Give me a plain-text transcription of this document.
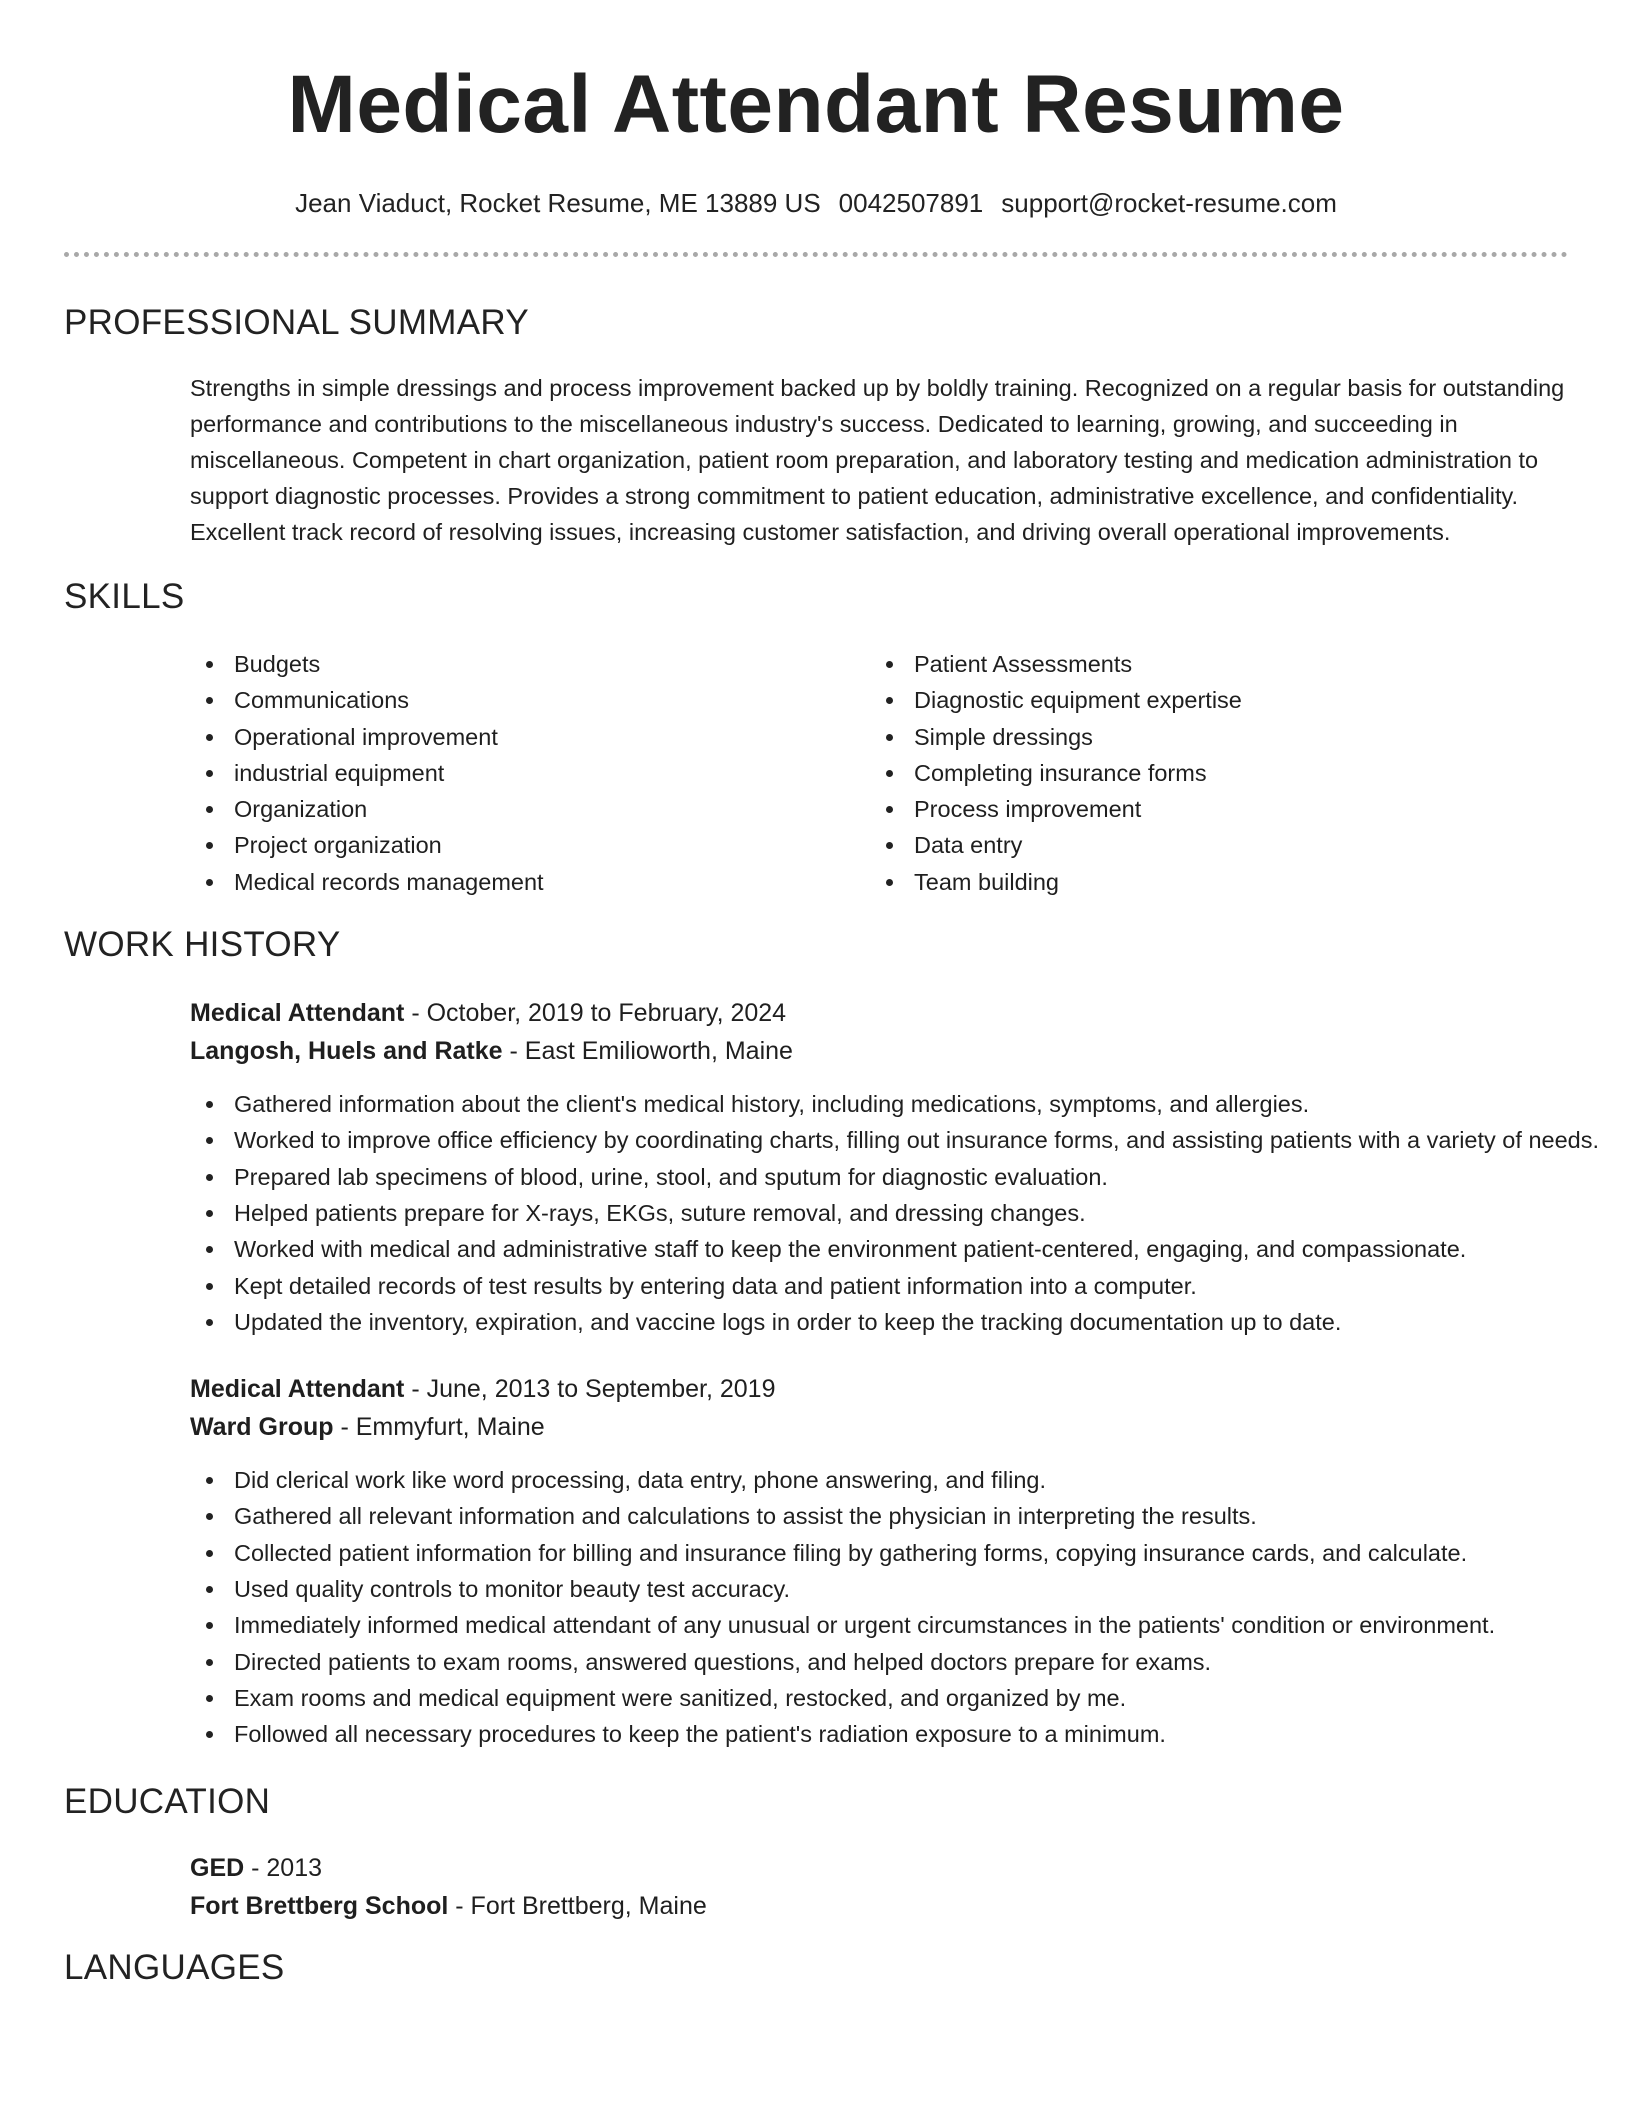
Medical Attendant Resume
Jean Viaduct, Rocket Resume, ME 13889 US 0042507891 support@rocket-resume.com
PROFESSIONAL SUMMARY
Strengths in simple dressings and process improvement backed up by boldly training. Recognized on a regular basis for outstanding performance and contributions to the miscellaneous industry's success. Dedicated to learning, growing, and succeeding in miscellaneous. Competent in chart organization, patient room preparation, and laboratory testing and medication administration to support diagnostic processes. Provides a strong commitment to patient education, administrative excellence, and confidentiality. Excellent track record of resolving issues, increasing customer satisfaction, and driving overall operational improvements.
SKILLS
Budgets
Communications
Operational improvement
industrial equipment
Organization
Project organization
Medical records management
Patient Assessments
Diagnostic equipment expertise
Simple dressings
Completing insurance forms
Process improvement
Data entry
Team building
WORK HISTORY
Medical Attendant - October, 2019 to February, 2024
Langosh, Huels and Ratke - East Emilioworth, Maine
Gathered information about the client's medical history, including medications, symptoms, and allergies.
Worked to improve office efficiency by coordinating charts, filling out insurance forms, and assisting patients with a variety of needs.
Prepared lab specimens of blood, urine, stool, and sputum for diagnostic evaluation.
Helped patients prepare for X-rays, EKGs, suture removal, and dressing changes.
Worked with medical and administrative staff to keep the environment patient-centered, engaging, and compassionate.
Kept detailed records of test results by entering data and patient information into a computer.
Updated the inventory, expiration, and vaccine logs in order to keep the tracking documentation up to date.
Medical Attendant - June, 2013 to September, 2019
Ward Group - Emmyfurt, Maine
Did clerical work like word processing, data entry, phone answering, and filing.
Gathered all relevant information and calculations to assist the physician in interpreting the results.
Collected patient information for billing and insurance filing by gathering forms, copying insurance cards, and calculate.
Used quality controls to monitor beauty test accuracy.
Immediately informed medical attendant of any unusual or urgent circumstances in the patients' condition or environment.
Directed patients to exam rooms, answered questions, and helped doctors prepare for exams.
Exam rooms and medical equipment were sanitized, restocked, and organized by me.
Followed all necessary procedures to keep the patient's radiation exposure to a minimum.
EDUCATION
GED - 2013
Fort Brettberg School - Fort Brettberg, Maine
LANGUAGES
